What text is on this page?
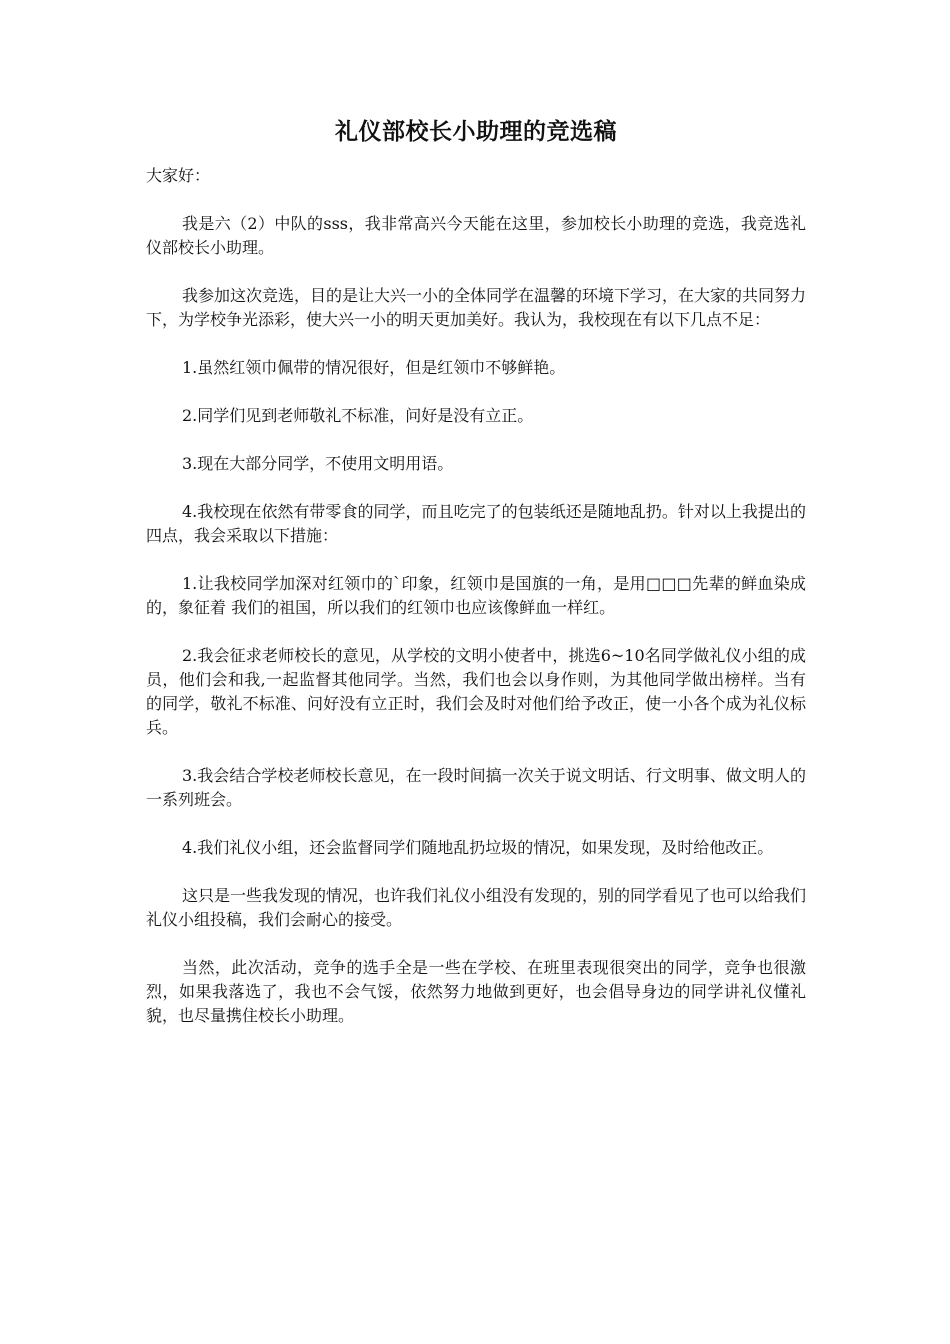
礼仪部校长小助理的竞选稿

大家好：

我是六（2）中队的sss，我非常高兴今天能在这里，参加校长小助理的竞选，我竞选礼仪部校长小助理。

我参加这次竞选，目的是让大兴一小的全体同学在温馨的环境下学习，在大家的共同努力下，为学校争光添彩，使大兴一小的明天更加美好。我认为，我校现在有以下几点不足：

1.虽然红领巾佩带的情况很好，但是红领巾不够鲜艳。

2.同学们见到老师敬礼不标准，问好是没有立正。

3.现在大部分同学，不使用文明用语。

4.我校现在依然有带零食的同学，而且吃完了的包装纸还是随地乱扔。针对以上我提出的四点，我会采取以下措施：

1.让我校同学加深对红领巾的`印象，红领巾是国旗的一角，是用□□□先辈的鲜血染成的，象征着 我们的祖国，所以我们的红领巾也应该像鲜血一样红。

2.我会征求老师校长的意见，从学校的文明小使者中，挑选6~10名同学做礼仪小组的成员，他们会和我,一起监督其他同学。当然，我们也会以身作则，为其他同学做出榜样。当有的同学，敬礼不标准、问好没有立正时，我们会及时对他们给予改正，使一小各个成为礼仪标兵。

3.我会结合学校老师校长意见，在一段时间搞一次关于说文明话、行文明事、做文明人的一系列班会。

4.我们礼仪小组，还会监督同学们随地乱扔垃圾的情况，如果发现，及时给他改正。

这只是一些我发现的情况，也许我们礼仪小组没有发现的，别的同学看见了也可以给我们礼仪小组投稿，我们会耐心的接受。

当然，此次活动，竞争的选手全是一些在学校、在班里表现很突出的同学，竞争也很激烈，如果我落选了，我也不会气馁，依然努力地做到更好，也会倡导身边的同学讲礼仪懂礼貌，也尽量携住校长小助理。
